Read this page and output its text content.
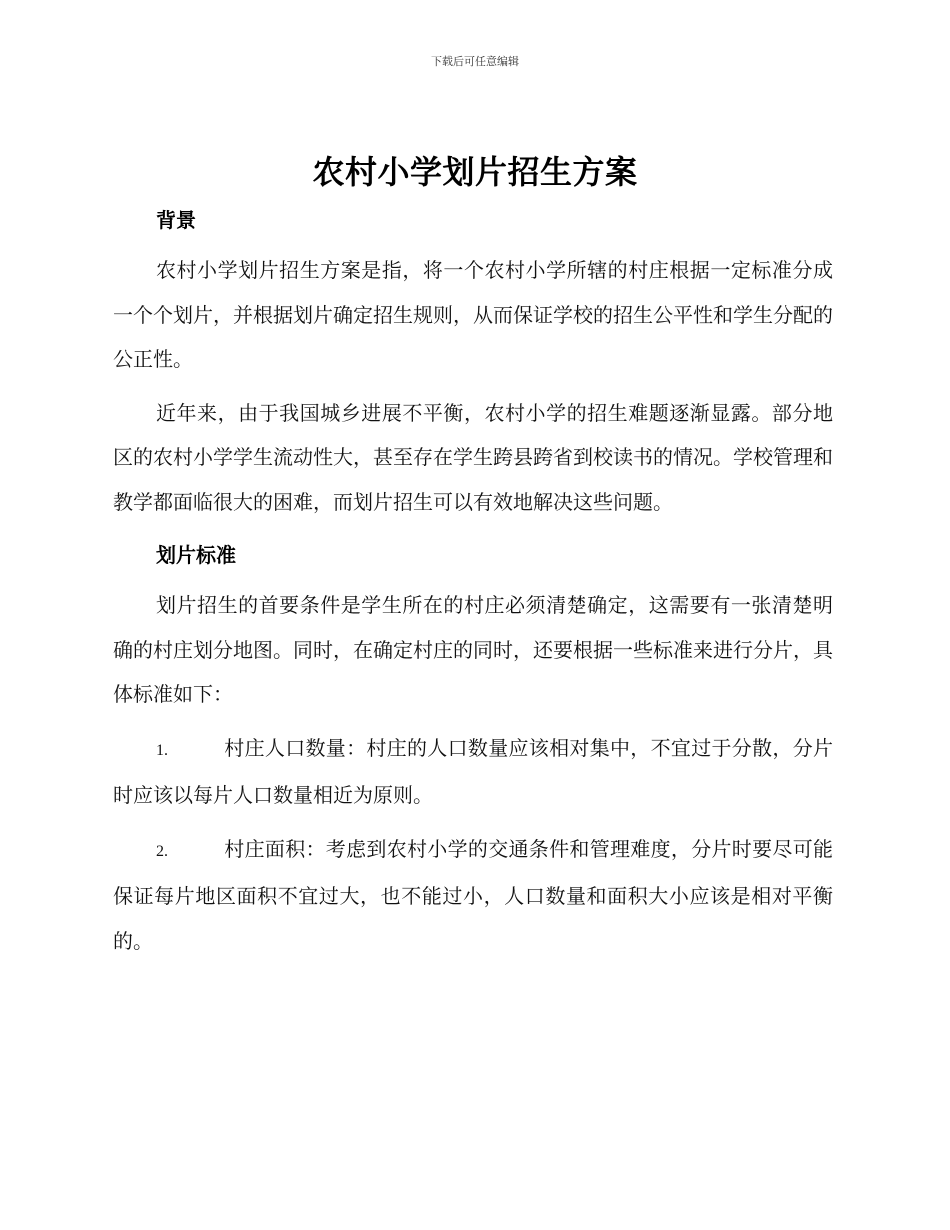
下载后可任意编辑
农村小学划片招生方案

背景

农村小学划片招生方案是指，将一个农村小学所辖的村庄根据一定标准分成一个个划片，并根据划片确定招生规则，从而保证学校的招生公平性和学生分配的公正性。

近年来，由于我国城乡进展不平衡，农村小学的招生难题逐渐显露。部分地区的农村小学学生流动性大，甚至存在学生跨县跨省到校读书的情况。学校管理和教学都面临很大的困难，而划片招生可以有效地解决这些问题。

划片标准

划片招生的首要条件是学生所在的村庄必须清楚确定，这需要有一张清楚明确的村庄划分地图。同时，在确定村庄的同时，还要根据一些标准来进行分片，具体标准如下：

1.	村庄人口数量：村庄的人口数量应该相对集中，不宜过于分散，分片时应该以每片人口数量相近为原则。

2.	村庄面积：考虑到农村小学的交通条件和管理难度，分片时要尽可能保证每片地区面积不宜过大，也不能过小，人口数量和面积大小应该是相对平衡的。
